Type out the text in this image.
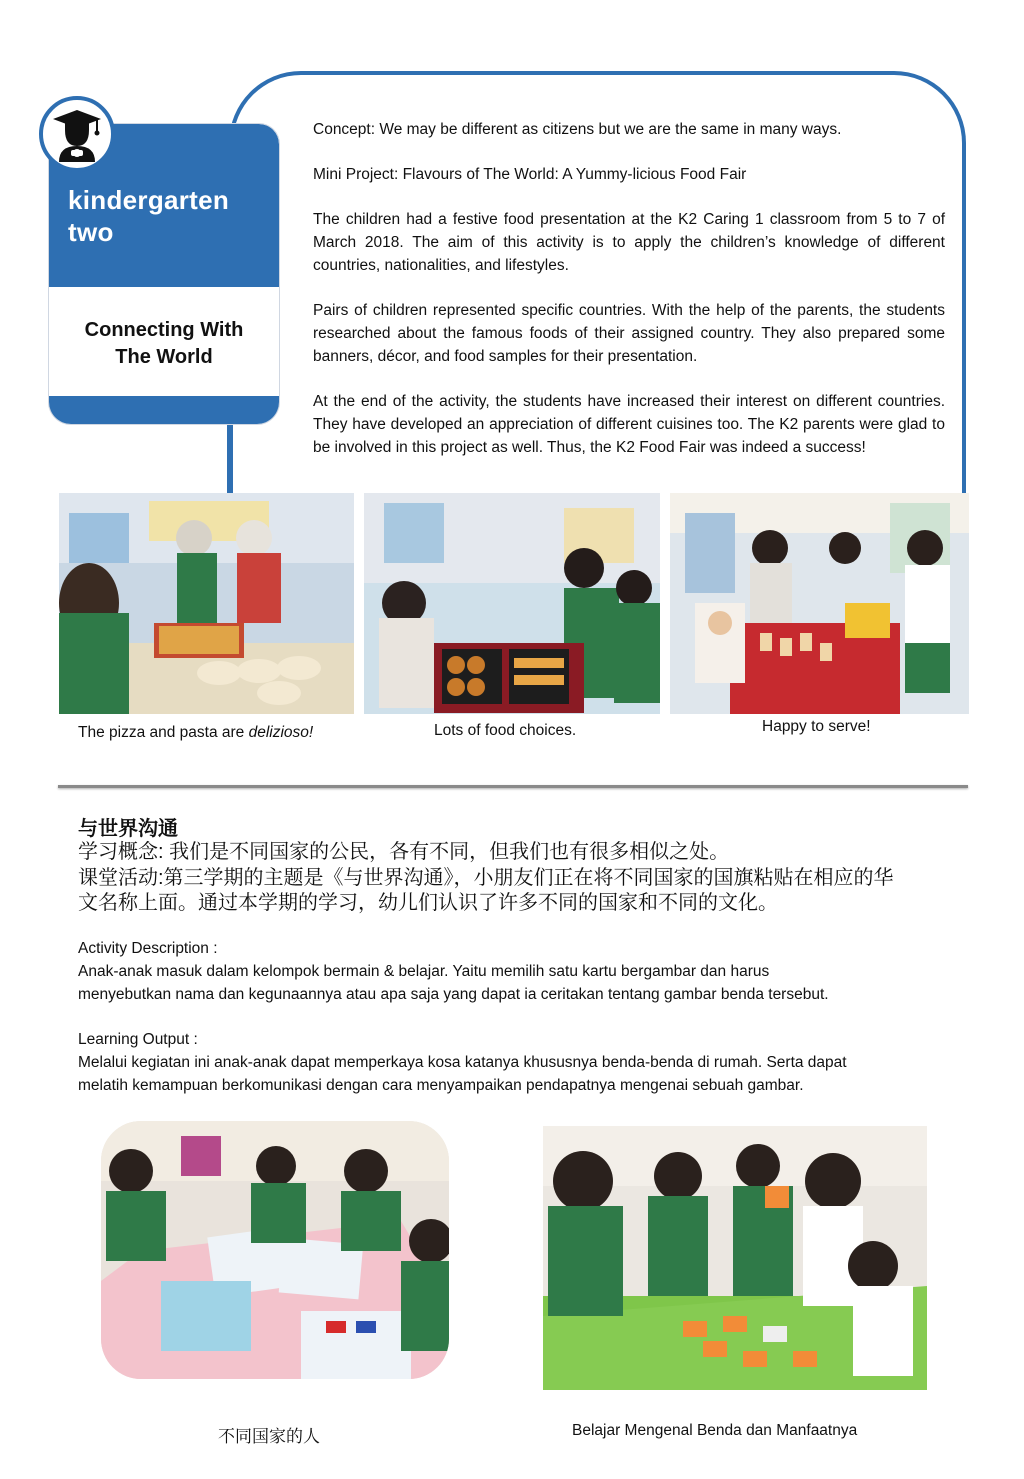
kindergarten
two
Connecting With
The World

Concept: We may be different as citizens but we are the same in many ways.

Mini Project: Flavours of The World: A Yummy-licious Food Fair

The children had a festive food presentation at the K2 Caring 1 classroom from 5 to 7 of March 2018. The aim of this activity is to apply the children’s knowledge of different countries, nationalities, and lifestyles.

Pairs of children represented specific countries. With the help of the parents, the students researched about the famous foods of their assigned country. They also prepared some banners, décor, and food samples for their presentation.

At the end of the activity, the students have increased their interest on different countries. They have developed an appreciation of different cuisines too. The K2 parents were glad to be involved in this project as well. Thus, the K2 Food Fair was indeed a success!

The pizza and pasta are delizioso!	Lots of food choices.	Happy to serve!
与世界沟通
学习概念: 我们是不同国家的公民，各有不同，但我们也有很多相似之处。
课堂活动:第三学期的主题是《与世界沟通》，小朋友们正在将不同国家的国旗粘贴在相应的华
文名称上面。通过本学期的学习，幼儿们认识了许多不同的国家和不同的文化。
Activity Description :
Anak-anak masuk dalam kelompok bermain & belajar. Yaitu memilih satu kartu bergambar dan harus
menyebutkan nama dan kegunaannya atau apa saja yang dapat ia ceritakan tentang gambar benda tersebut.
Learning Output :
Melalui kegiatan ini anak-anak dapat memperkaya kosa katanya khususnya benda-benda di rumah. Serta dapat
melatih kemampuan berkomunikasi dengan cara menyampaikan pendapatnya mengenai sebuah gambar.
不同国家的人	Belajar Mengenal Benda dan Manfaatnya
